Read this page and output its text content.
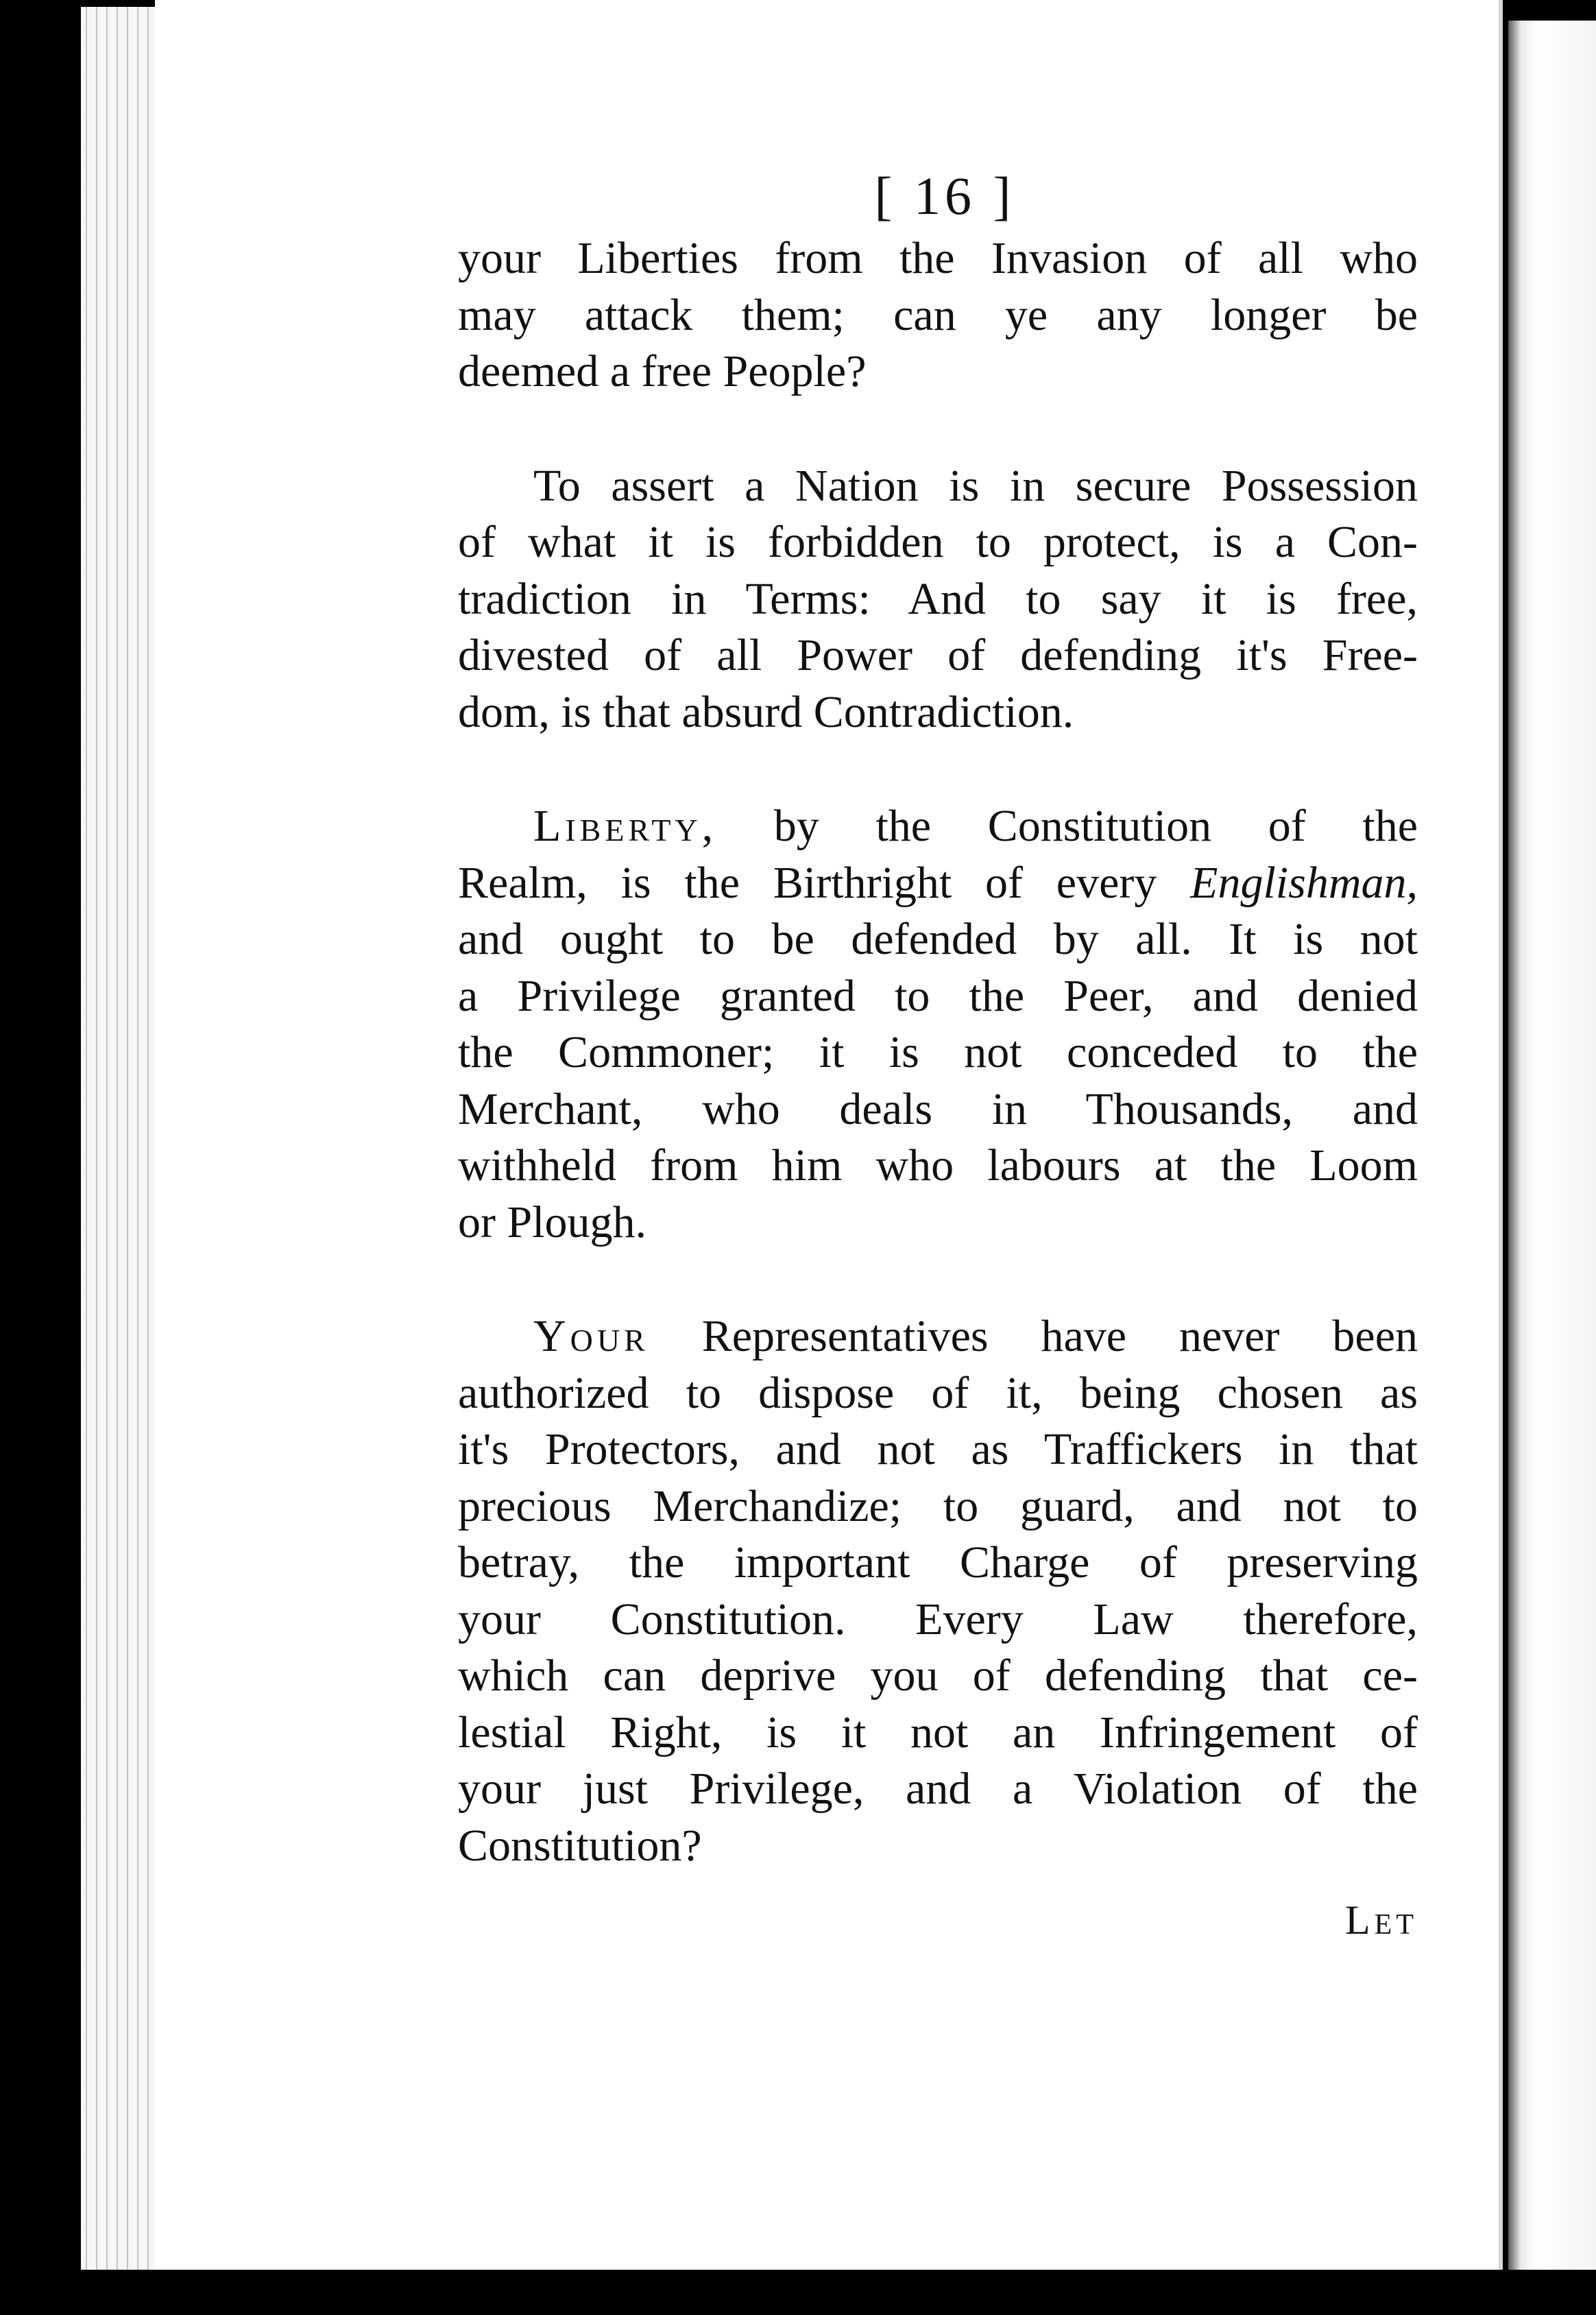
[ 16 ]
your Liberties from the Invasion of all who
may attack them; can ye any longer be
deemed a free People?
To assert a Nation is in secure Possession
of what it is forbidden to protect, is a Con-
tradiction in Terms: And to say it is free,
divested of all Power of defending it's Free-
dom, is that absurd Contradiction.
Liberty, by the Constitution of the
Realm, is the Birthright of every Englishman,
and ought to be defended by all. It is not
a Privilege granted to the Peer, and denied
the Commoner; it is not conceded to the
Merchant, who deals in Thousands, and
withheld from him who labours at the Loom
or Plough.
Your Representatives have never been
authorized to dispose of it, being chosen as
it's Protectors, and not as Traffickers in that
precious Merchandize; to guard, and not to
betray, the important Charge of preserving
your Constitution. Every Law therefore,
which can deprive you of defending that ce-
lestial Right, is it not an Infringement of
your just Privilege, and a Violation of the
Constitution?
Let
